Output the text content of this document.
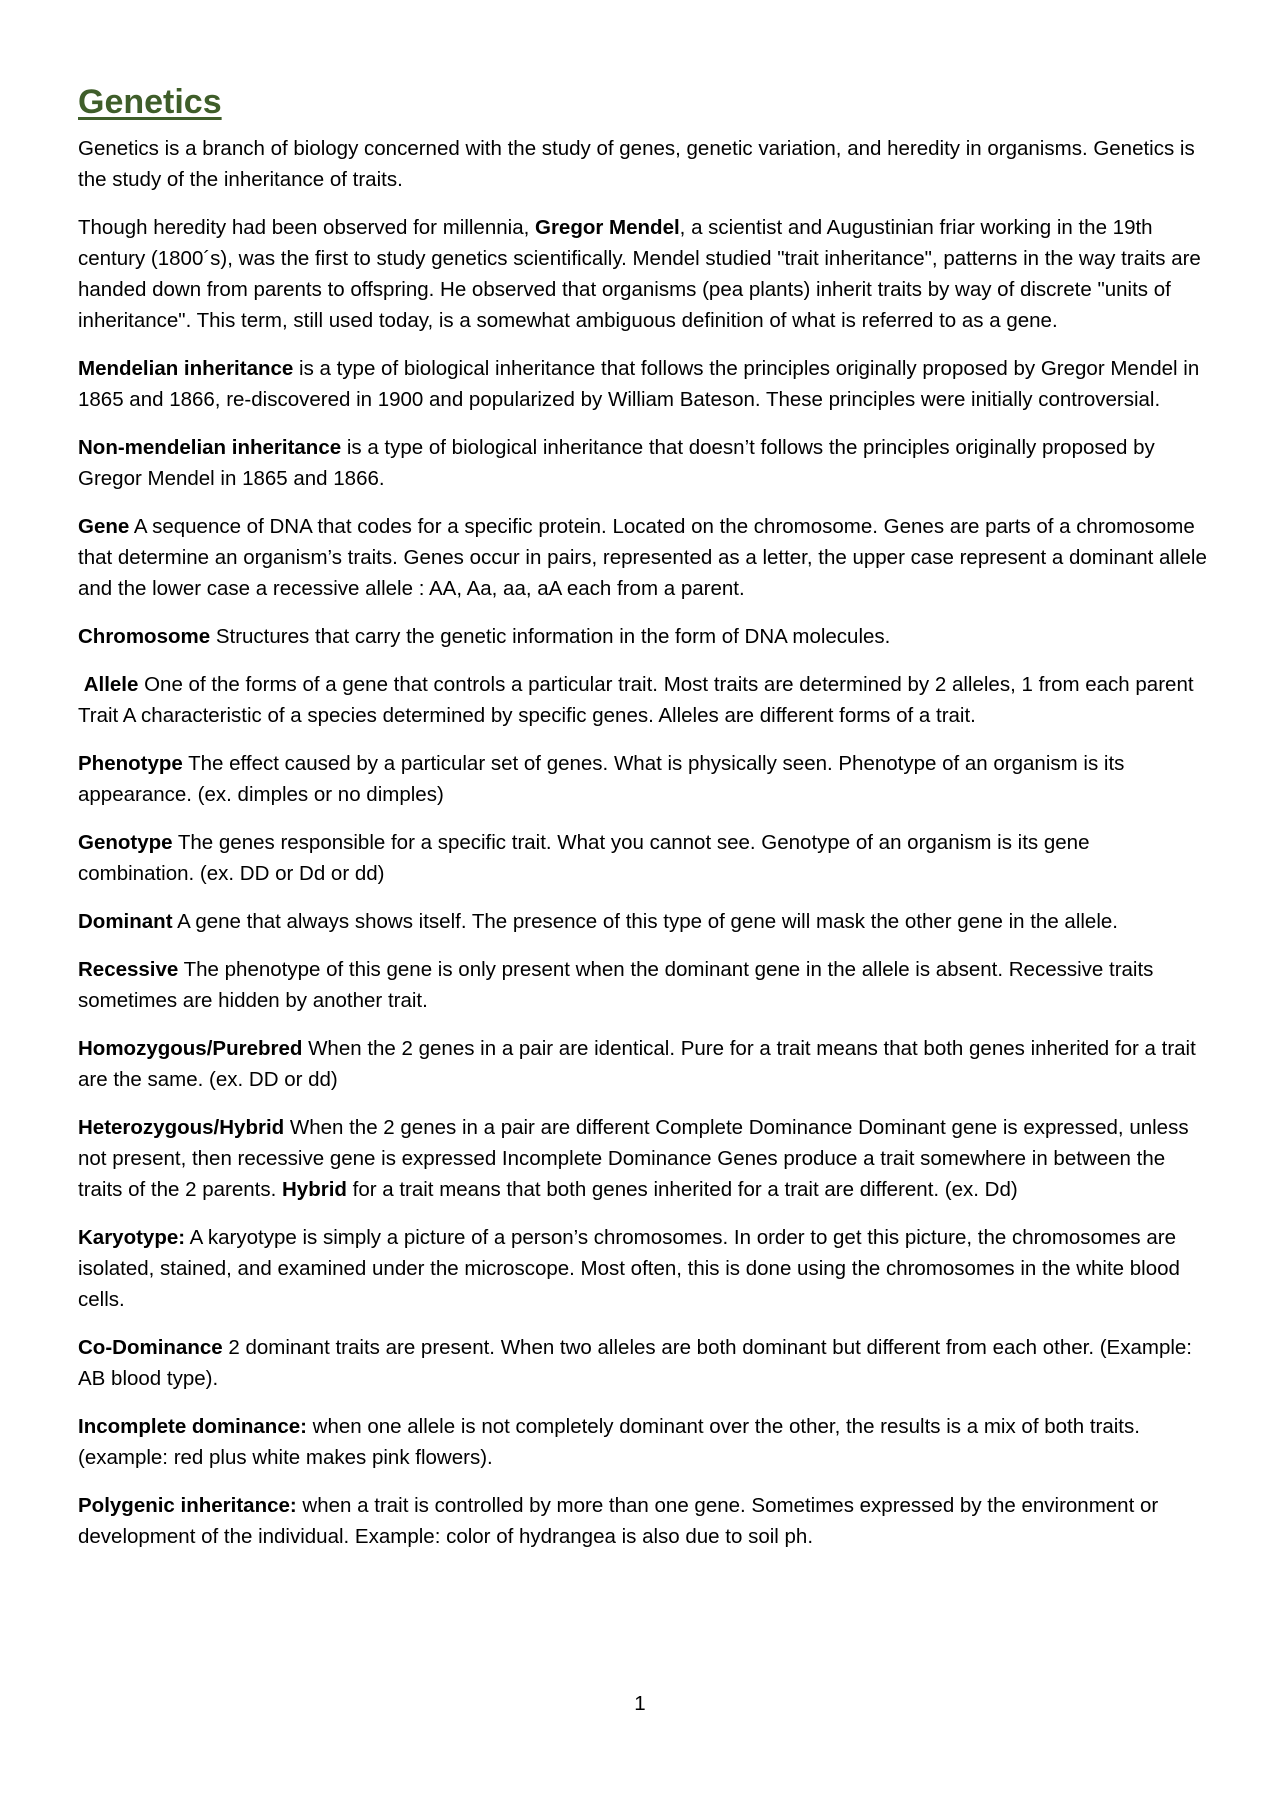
Genetics

Genetics is a branch of biology concerned with the study of genes, genetic variation, and heredity in organisms. Genetics is the study of the inheritance of traits.

Though heredity had been observed for millennia, Gregor Mendel, a scientist and Augustinian friar working in the 19th century (1800´s), was the first to study genetics scientifically. Mendel studied "trait inheritance", patterns in the way traits are handed down from parents to offspring. He observed that organisms (pea plants) inherit traits by way of discrete "units of inheritance". This term, still used today, is a somewhat ambiguous definition of what is referred to as a gene.

Mendelian inheritance is a type of biological inheritance that follows the principles originally proposed by Gregor Mendel in 1865 and 1866, re-discovered in 1900 and popularized by William Bateson. These principles were initially controversial.

Non-mendelian inheritance is a type of biological inheritance that doesn’t follows the principles originally proposed by Gregor Mendel in 1865 and 1866.

Gene A sequence of DNA that codes for a specific protein. Located on the chromosome. Genes are parts of a chromosome that determine an organism’s traits. Genes occur in pairs, represented as a letter, the upper case represent a dominant allele and the lower case a recessive allele : AA, Aa, aa, aA each from a parent.

Chromosome Structures that carry the genetic information in the form of DNA molecules.

Allele One of the forms of a gene that controls a particular trait. Most traits are determined by 2 alleles, 1 from each parent Trait A characteristic of a species determined by specific genes. Alleles are different forms of a trait.

Phenotype The effect caused by a particular set of genes. What is physically seen. Phenotype of an organism is its appearance. (ex. dimples or no dimples)

Genotype The genes responsible for a specific trait. What you cannot see. Genotype of an organism is its gene combination. (ex. DD or Dd or dd)

Dominant A gene that always shows itself. The presence of this type of gene will mask the other gene in the allele.

Recessive The phenotype of this gene is only present when the dominant gene in the allele is absent. Recessive traits sometimes are hidden by another trait.

Homozygous/Purebred When the 2 genes in a pair are identical. Pure for a trait means that both genes inherited for a trait are the same. (ex. DD or dd)

Heterozygous/Hybrid When the 2 genes in a pair are different Complete Dominance Dominant gene is expressed, unless not present, then recessive gene is expressed Incomplete Dominance Genes produce a trait somewhere in between the traits of the 2 parents. Hybrid for a trait means that both genes inherited for a trait are different. (ex. Dd)

Karyotype: A karyotype is simply a picture of a person’s chromosomes. In order to get this picture, the chromosomes are isolated, stained, and examined under the microscope. Most often, this is done using the chromosomes in the white blood cells.

Co-Dominance 2 dominant traits are present. When two alleles are both dominant but different from each other. (Example: AB blood type).

Incomplete dominance: when one allele is not completely dominant over the other, the results is a mix of both traits. (example: red plus white makes pink flowers).

Polygenic inheritance: when a trait is controlled by more than one gene. Sometimes expressed by the environment or development of the individual. Example: color of hydrangea is also due to soil ph.

1
